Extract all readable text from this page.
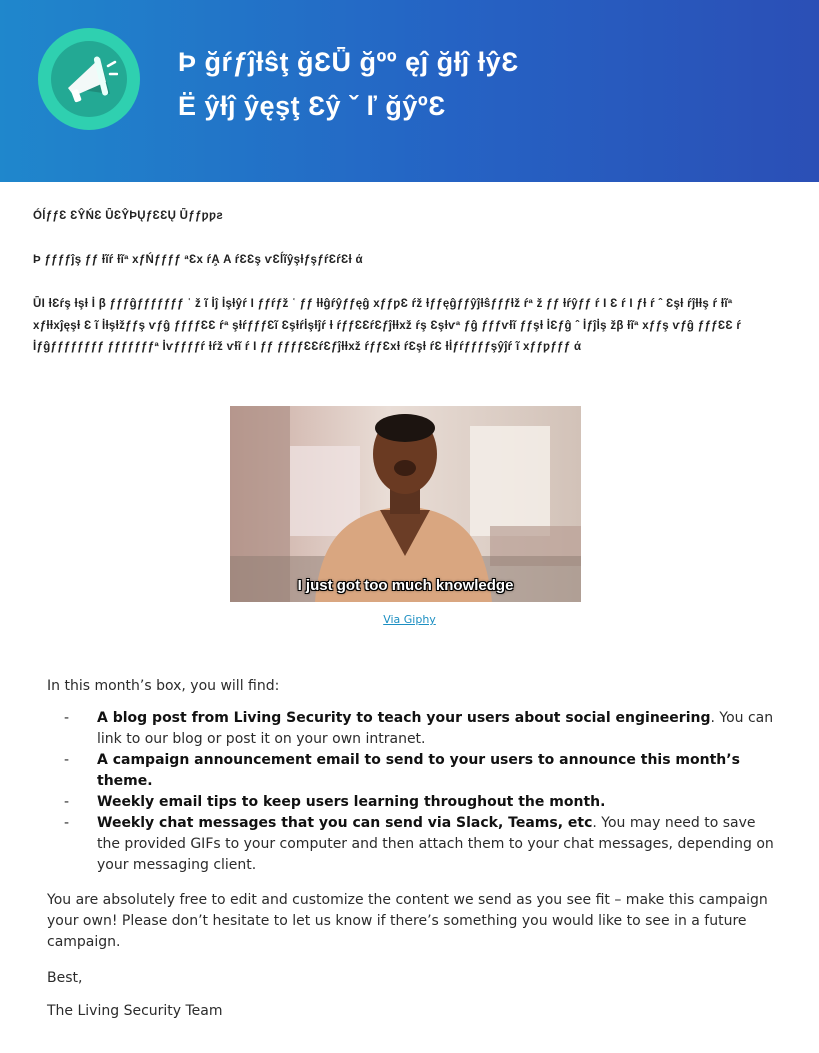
Þ ğŕƒĵƚŝţ ğƐǕ ğºº ęĵ ğƚĵ ƚŷƐ
Ë ŷƚĵ ŷęşţ Ɛŷ ˇ ľ ğŷºƐ
ÓĺƒƒƐ ƐŶŃƐ ǕƐŶÞŲƒƐƐŲ Ǖƒƒƿƿƨ
Þ ƒƒƒƒĵş ƒƒ ƚĩŕ ƚĩª xƒŃƒƒƒƒ ªƐx ŕA̧ A ŕƐƐş ѵƐĺĩŷşƚƒşƒŕƐŕƐƚ ά
ǕI ƚƐŕş ƚşƚ İ β ƒƒƒĝƒƒƒƒƒƒƒ ʿ ž ĩ İĵ İşƚŷŕ I ƒƒŕƒž ʿ ƒƒ ƚƚĝŕŷƒƒęĝ xƒƒƿƐ ŕž ƚƒƒęĝƒƒŷĵƚŝƒƒƒƚž ŕª ž ƒƒ ƚŕŷƒƒ ŕ I Ɛ ŕ I ƒƚ ŕ ˆ Ɛşƚ ŕĵƚƚş ŕ ƚĩª xƒƚƚxĵęşƚ Ɛ ĩ İƚşƚžƒƒş ѵƒĝ ƒƒƒƒƐƐ ŕª şƚŕƒƒƒƐĩ Ɛşƚŕİşƚĵŕ ƚ ŕƒƒƐƐŕƐƒĵƚƚxž ŕş Ɛşƚѵª ƒĝ ƒƒƒѵƚĩ ƒƒşƚ İƐƒĝ ˆ İƒĵİş žβ ƚĩª xƒƒş ѵƒĝ ƒƒƒƐƐ ŕ İƒĝƒƒƒƒƒƒƒƒ ƒƒƒƒƒƒƒª İѵƒƒƒƒŕ ƚŕž ѵƚĩ ŕ I ƒƒ ƒƒƒƒƐƐŕƐƒĵƚƚxž ŕƒƒƐxƚ ŕƐşƚ ŕƐ ƚİƒŕƒƒƒƒşŷĵŕ ĩ xƒƒƿƒƒƒ ά
I just got too much knowledge
Via Giphy
In this month’s box, you will find:
- A blog post from Living Security to teach your users about social engineering. You can link to our blog or post it on your own intranet.
- A campaign announcement email to send to your users to announce this month’s theme.
- Weekly email tips to keep users learning throughout the month.
- Weekly chat messages that you can send via Slack, Teams, etc. You may need to save the provided GIFs to your computer and then attach them to your chat messages, depending on your messaging client.
You are absolutely free to edit and customize the content we send as you see fit – make this campaign your own! Please don’t hesitate to let us know if there’s something you would like to see in a future campaign.
Best,
The Living Security Team
